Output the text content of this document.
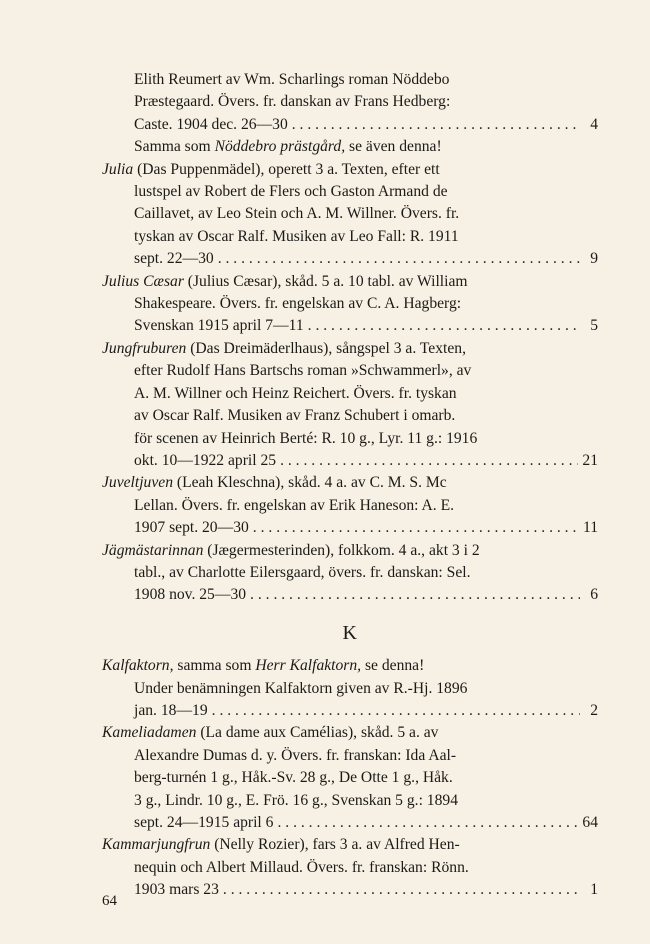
Elith Reumert av Wm. Scharlings roman Nöddebo
Præstegaard. Övers. fr. danskan av Frans Hedberg:
Caste. 1904 dec. 26—30 . . .	4
Samma som Nöddebro prästgård, se även denna!
Julia (Das Puppenmädel), operett 3 a. Texten, efter ett
lustspel av Robert de Flers och Gaston Armand de
Caillavet, av Leo Stein och A. M. Willner. Övers. fr.
tyskan av Oscar Ralf. Musiken av Leo Fall: R. 1911
sept. 22—30 . . .	9
Julius Cæsar (Julius Cæsar), skåd. 5 a. 10 tabl. av William
Shakespeare. Övers. fr. engelskan av C. A. Hagberg:
Svenskan 1915 april 7—11 . . .	5
Jungfruburen (Das Dreimäderlhaus), sångspel 3 a. Texten,
efter Rudolf Hans Bartschs roman »Schwammerl», av
A. M. Willner och Heinz Reichert. Övers. fr. tyskan
av Oscar Ralf. Musiken av Franz Schubert i omarb.
för scenen av Heinrich Berté: R. 10 g., Lyr. 11 g.: 1916
okt. 10—1922 april 25 . . .	21
Juveltjuven (Leah Kleschna), skåd. 4 a. av C. M. S. Mc
Lellan. Övers. fr. engelskan av Erik Haneson: A. E.
1907 sept. 20—30 . . .	11
Jägmästarinnan (Jægermesterinden), folkkom. 4 a., akt 3 i 2
tabl., av Charlotte Eilersgaard, övers. fr. danskan: Sel.
1908 nov. 25—30 . . .	6
K
Kalfaktorn, samma som Herr Kalfaktorn, se denna!
Under benämningen Kalfaktorn given av R.-Hj. 1896
jan. 18—19 . . .	2
Kameliadamen (La dame aux Camélias), skåd. 5 a. av
Alexandre Dumas d. y. Övers. fr. franskan: Ida Aal-
berg-turnén 1 g., Håk.-Sv. 28 g., De Otte 1 g., Håk.
3 g., Lindr. 10 g., E. Frö. 16 g., Svenskan 5 g.: 1894
sept. 24—1915 april 6 . . .	64
Kammarjungfrun (Nelly Rozier), fars 3 a. av Alfred Hen-
nequin och Albert Millaud. Övers. fr. franskan: Rönn.
1903 mars 23 . . .	1
64
